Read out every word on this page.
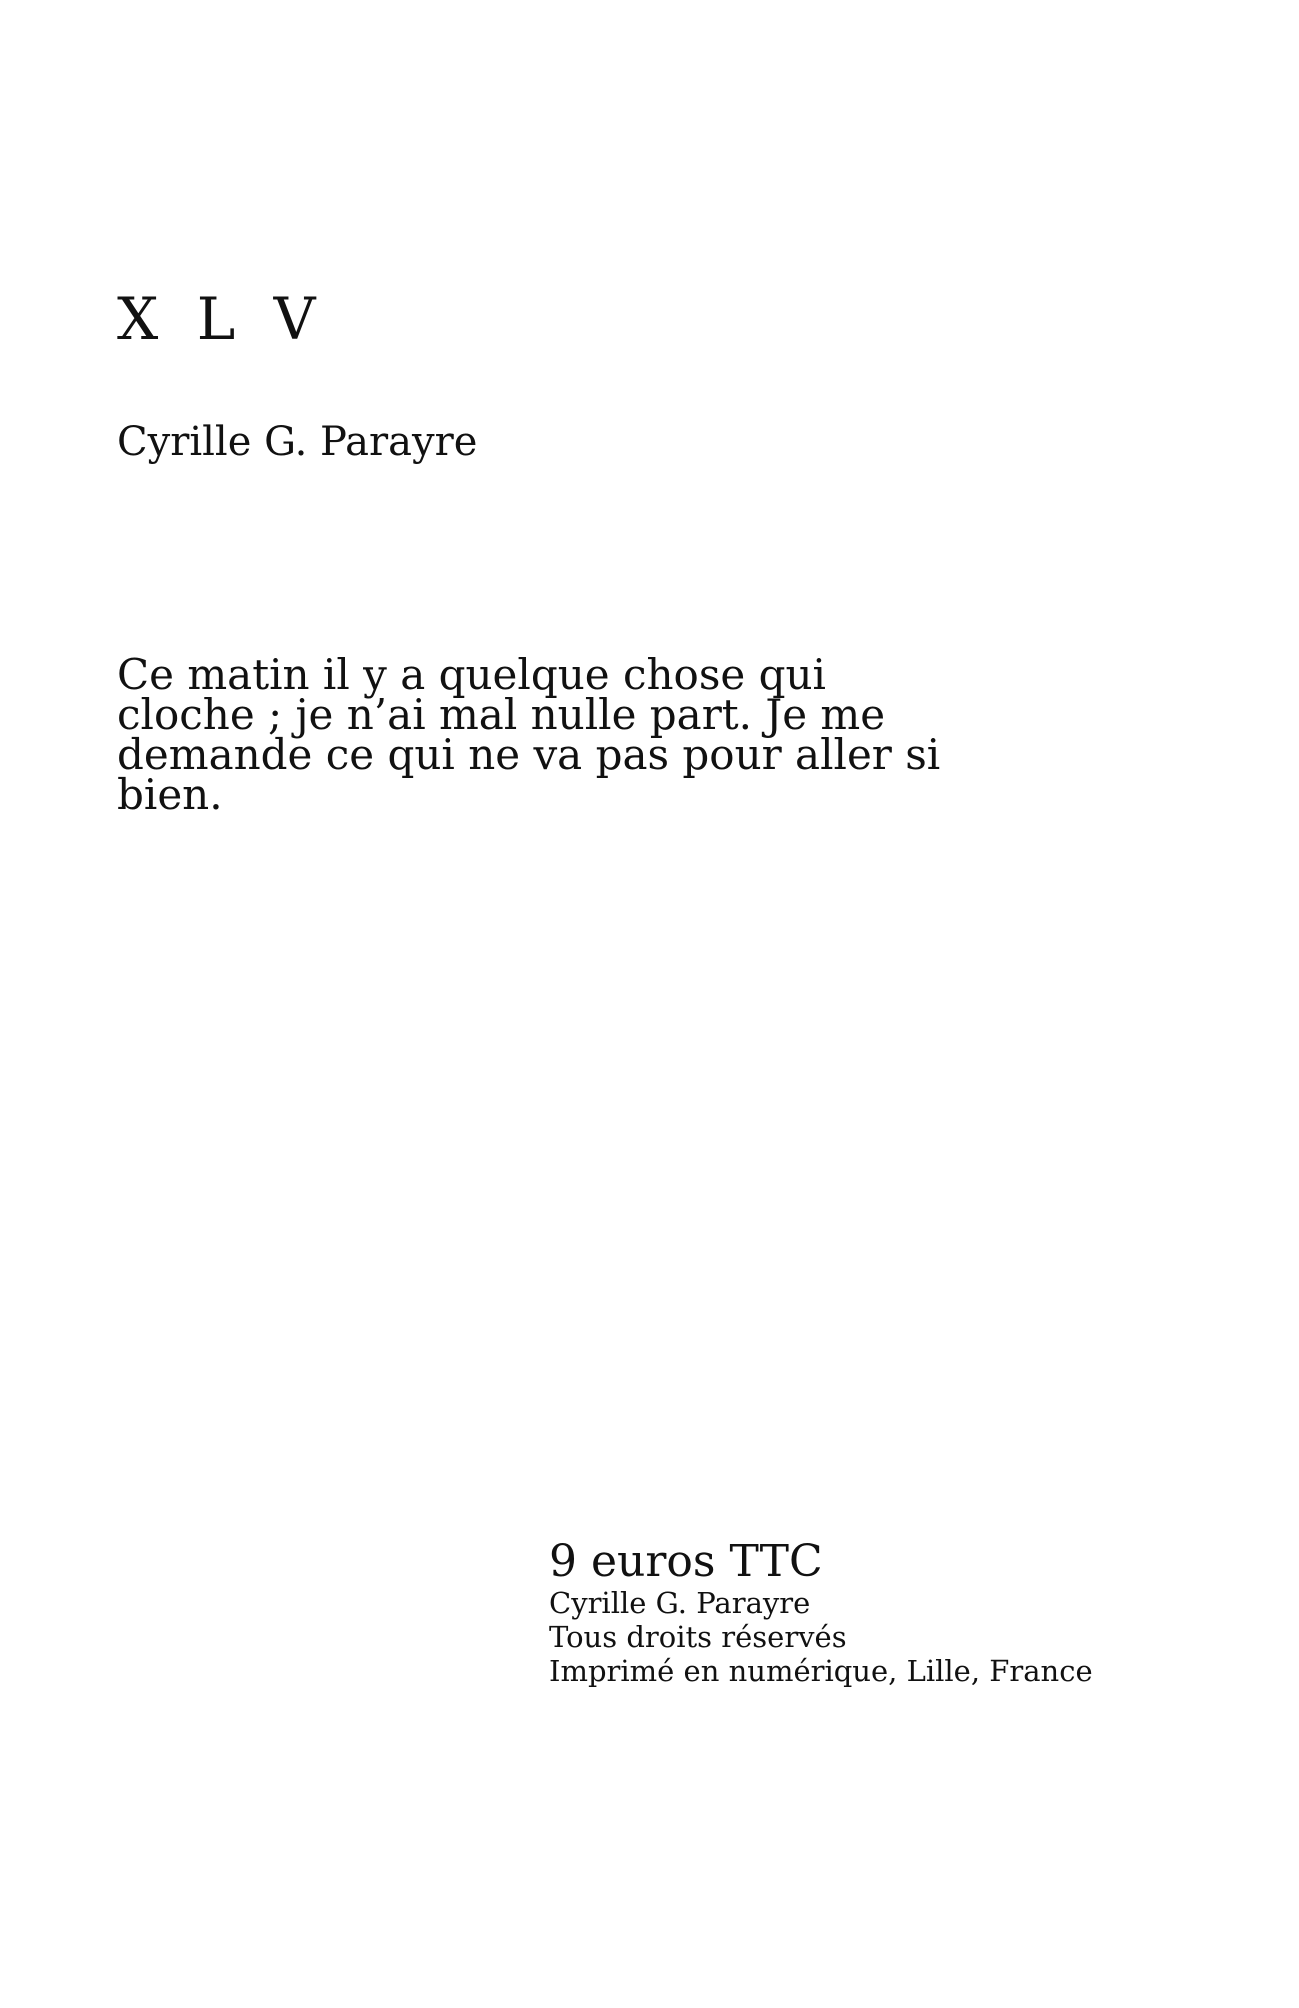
X L V

Cyrille G. Parayre

Ce matin il y a quelque chose qui cloche ; je n’ai mal nulle part. Je me demande ce qui ne va pas pour aller si bien.

9 euros TTC
Cyrille G. Parayre
Tous droits réservés
Imprimé en numérique, Lille, France
